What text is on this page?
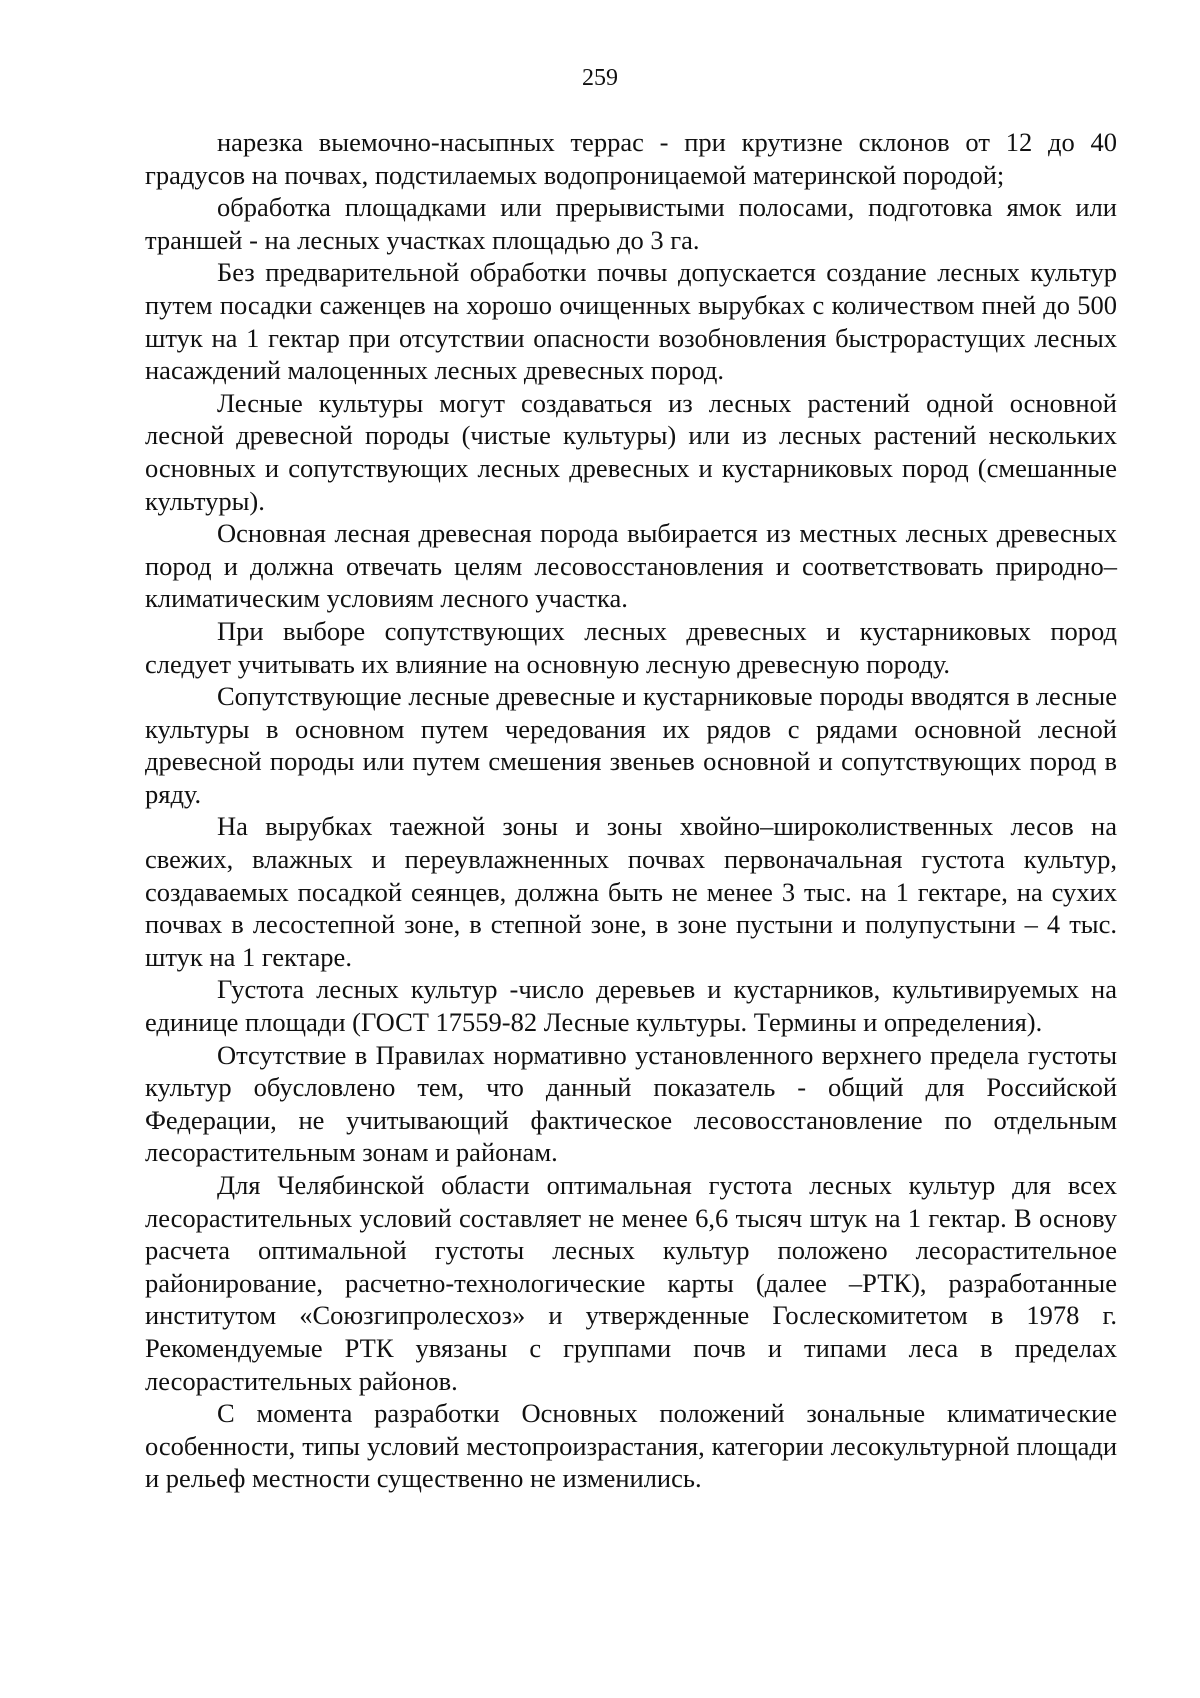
259

нарезка выемочно-насыпных террас - при крутизне склонов от 12 до 40 градусов на почвах, подстилаемых водопроницаемой материнской породой;

обработка площадками или прерывистыми полосами, подготовка ямок или траншей - на лесных участках площадью до 3 га.

Без предварительной обработки почвы допускается создание лесных культур путем посадки саженцев на хорошо очищенных вырубках с количеством пней до 500 штук на 1 гектар при отсутствии опасности возобновления быстрорастущих лесных насаждений малоценных лесных древесных пород.

Лесные культуры могут создаваться из лесных растений одной основной лесной древесной породы (чистые культуры) или из лесных растений нескольких основных и сопутствующих лесных древесных и кустарниковых пород (смешанные культуры).

Основная лесная древесная порода выбирается из местных лесных древесных пород и должна отвечать целям лесовосстановления и соответствовать природно–климатическим условиям лесного участка.

При выборе сопутствующих лесных древесных и кустарниковых пород следует учитывать их влияние на основную лесную древесную породу.

Сопутствующие лесные древесные и кустарниковые породы вводятся в лесные культуры в основном путем чередования их рядов с рядами основной лесной древесной породы или путем смешения звеньев основной и сопутствующих пород в ряду.

На вырубках таежной зоны и зоны хвойно–широколиственных лесов на свежих, влажных и переувлажненных почвах первоначальная густота культур, создаваемых посадкой сеянцев, должна быть не менее 3 тыс. на 1 гектаре, на сухих почвах в лесостепной зоне, в степной зоне, в зоне пустыни и полупустыни – 4 тыс. штук на 1 гектаре.

Густота лесных культур -число деревьев и кустарников, культивируемых на единице площади (ГОСТ 17559-82 Лесные культуры. Термины и определения).

Отсутствие в Правилах нормативно установленного верхнего предела густоты культур обусловлено тем, что данный показатель - общий для Российской Федерации, не учитывающий фактическое лесовосстановление по отдельным лесорастительным зонам и районам.

Для Челябинской области оптимальная густота лесных культур для всех лесорастительных условий составляет не менее 6,6 тысяч штук на 1 гектар. В основу расчета оптимальной густоты лесных культур положено лесорастительное районирование, расчетно-технологические карты (далее –РТК), разработанные институтом «Союзгипролесхоз» и утвержденные Гослескомитетом в 1978 г. Рекомендуемые РТК увязаны с группами почв и типами леса в пределах лесорастительных районов.

С момента разработки Основных положений зональные климатические особенности, типы условий местопроизрастания, категории лесокультурной площади и рельеф местности существенно не изменились.
